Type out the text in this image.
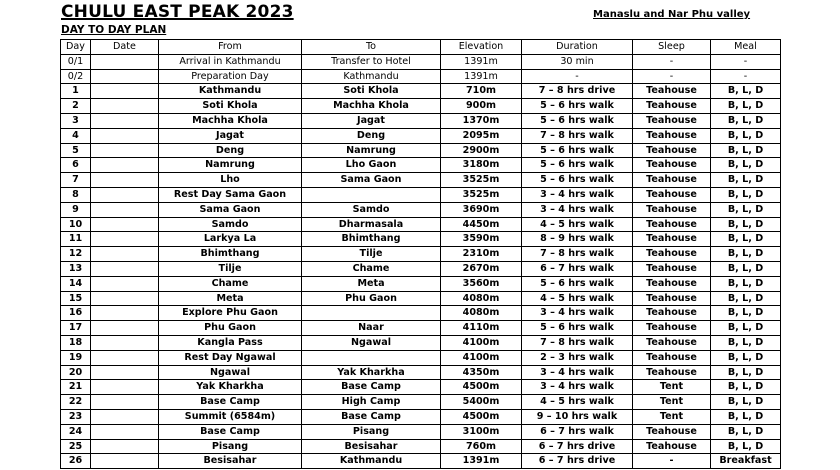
CHULU EAST PEAK 2023	Manaslu and Nar Phu valley
DAY TO DAY PLAN
Day	Date	From	To	Elevation	Duration	Sleep	Meal
0/1		Arrival in Kathmandu	Transfer to Hotel	1391m	30 min	-	-
0/2		Preparation Day	Kathmandu	1391m	-	-	-
1		Kathmandu	Soti Khola	710m	7 – 8 hrs drive	Teahouse	B, L, D
2		Soti Khola	Machha Khola	900m	5 – 6 hrs walk	Teahouse	B, L, D
3		Machha Khola	Jagat	1370m	5 – 6 hrs walk	Teahouse	B, L, D
4		Jagat	Deng	2095m	7 – 8 hrs walk	Teahouse	B, L, D
5		Deng	Namrung	2900m	5 – 6 hrs walk	Teahouse	B, L, D
6		Namrung	Lho Gaon	3180m	5 – 6 hrs walk	Teahouse	B, L, D
7		Lho	Sama Gaon	3525m	5 – 6 hrs walk	Teahouse	B, L, D
8		Rest Day Sama Gaon		3525m	3 – 4 hrs walk	Teahouse	B, L, D
9		Sama Gaon	Samdo	3690m	3 – 4 hrs walk	Teahouse	B, L, D
10		Samdo	Dharmasala	4450m	4 – 5 hrs walk	Teahouse	B, L, D
11		Larkya La	Bhimthang	3590m	8 – 9 hrs walk	Teahouse	B, L, D
12		Bhimthang	Tilje	2310m	7 – 8 hrs walk	Teahouse	B, L, D
13		Tilje	Chame	2670m	6 – 7 hrs walk	Teahouse	B, L, D
14		Chame	Meta	3560m	5 – 6 hrs walk	Teahouse	B, L, D
15		Meta	Phu Gaon	4080m	4 – 5 hrs walk	Teahouse	B, L, D
16		Explore Phu Gaon		4080m	3 – 4 hrs walk	Teahouse	B, L, D
17		Phu Gaon	Naar	4110m	5 – 6 hrs walk	Teahouse	B, L, D
18		Kangla Pass	Ngawal	4100m	7 – 8 hrs walk	Teahouse	B, L, D
19		Rest Day Ngawal		4100m	2 – 3 hrs walk	Teahouse	B, L, D
20		Ngawal	Yak Kharkha	4350m	3 – 4 hrs walk	Teahouse	B, L, D
21		Yak Kharkha	Base Camp	4500m	3 – 4 hrs walk	Tent	B, L, D
22		Base Camp	High Camp	5400m	4 – 5 hrs walk	Tent	B, L, D
23		Summit (6584m)	Base Camp	4500m	9 – 10 hrs walk	Tent	B, L, D
24		Base Camp	Pisang	3100m	6 – 7 hrs walk	Teahouse	B, L, D
25		Pisang	Besisahar	760m	6 – 7 hrs drive	Teahouse	B, L, D
26		Besisahar	Kathmandu	1391m	6 – 7 hrs drive	-	Breakfast
